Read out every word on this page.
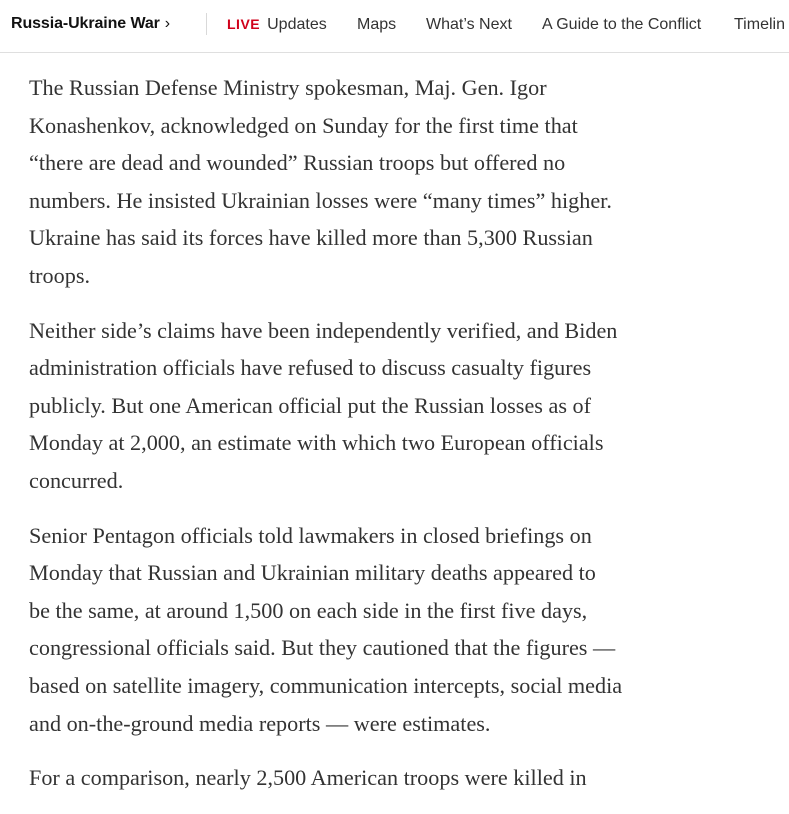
Russia-Ukraine War ›	LIVE Updates Maps What’s Next A Guide to the Conflict Timelin

The Russian Defense Ministry spokesman, Maj. Gen. Igor
Konashenkov, acknowledged on Sunday for the first time that
“there are dead and wounded” Russian troops but offered no
numbers. He insisted Ukrainian losses were “many times” higher.
Ukraine has said its forces have killed more than 5,300 Russian
troops.

Neither side’s claims have been independently verified, and Biden
administration officials have refused to discuss casualty figures
publicly. But one American official put the Russian losses as of
Monday at 2,000, an estimate with which two European officials
concurred.

Senior Pentagon officials told lawmakers in closed briefings on
Monday that Russian and Ukrainian military deaths appeared to
be the same, at around 1,500 on each side in the first five days,
congressional officials said. But they cautioned that the figures —
based on satellite imagery, communication intercepts, social media
and on-the-ground media reports — were estimates.

For a comparison, nearly 2,500 American troops were killed in
